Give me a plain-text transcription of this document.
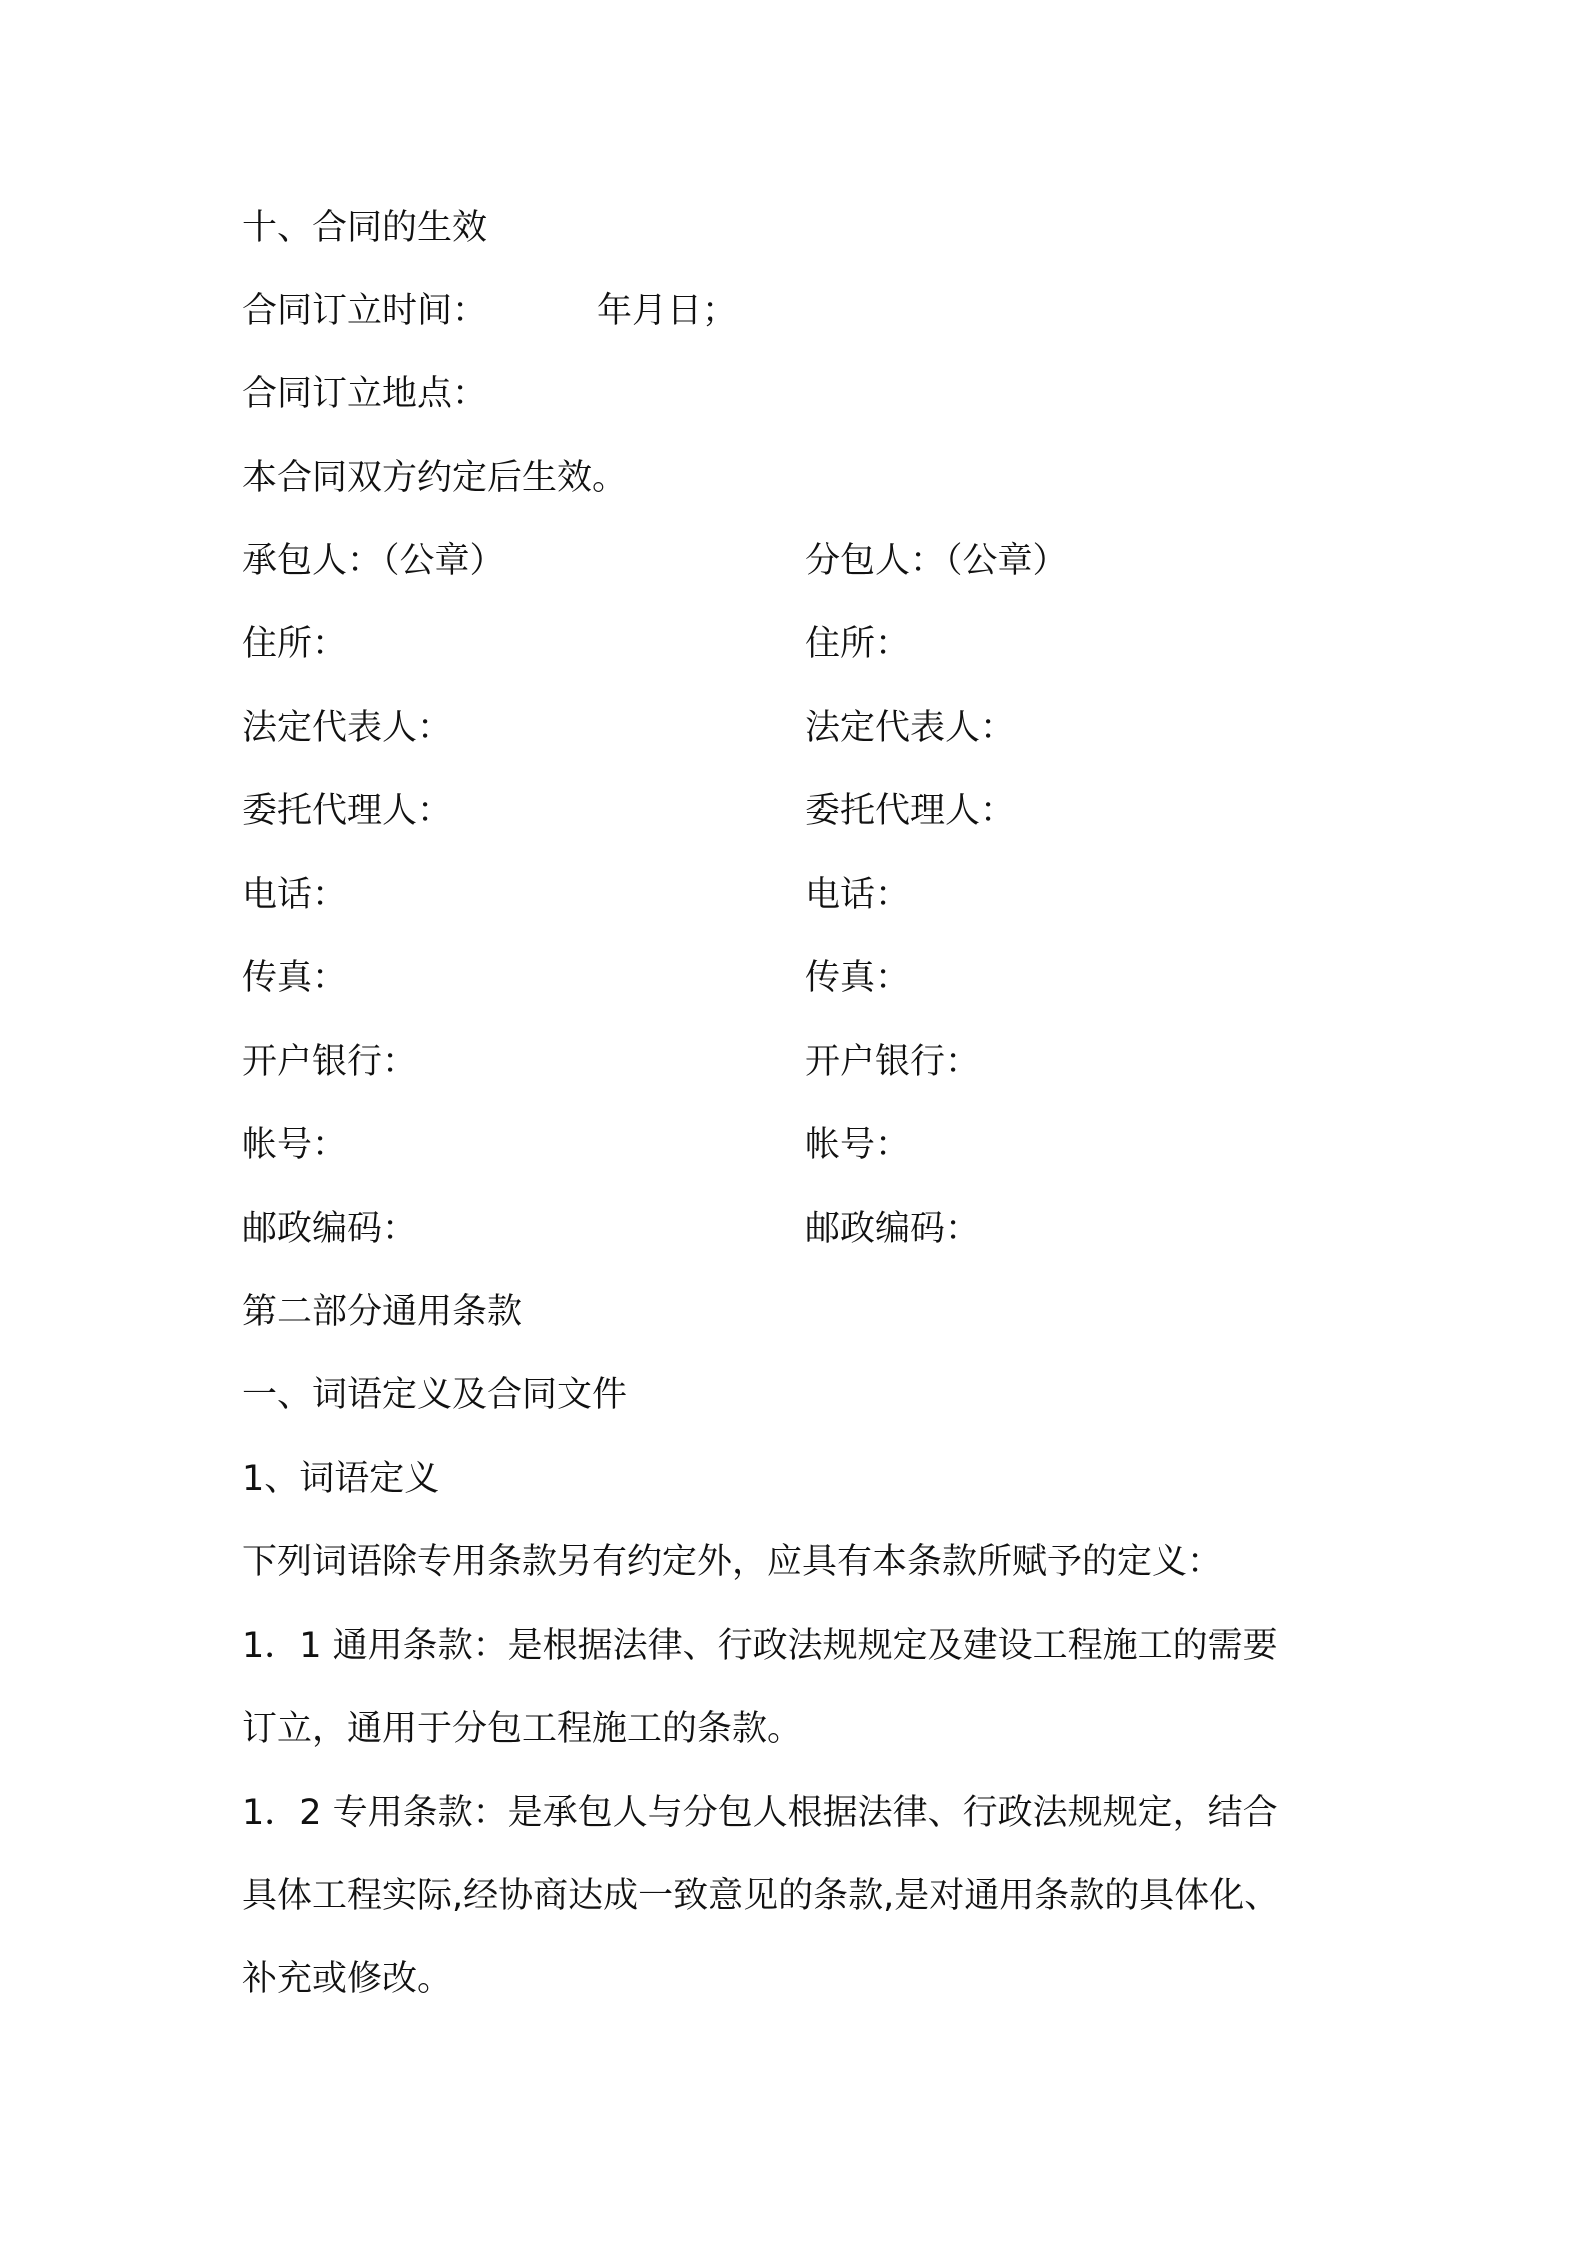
十、合同的生效
合同订立时间：	年月日；
合同订立地点：
本合同双方约定后生效。
承包人：（公章）
住所：
法定代表人：
委托代理人：
电话：
传真：
开户银行：
帐号：
邮政编码：
分包人：（公章）
住所：
法定代表人：
委托代理人：
电话：
传真：
开户银行：
帐号：
邮政编码：
第二部分通用条款
一、词语定义及合同文件
1、词语定义
下列词语除专用条款另有约定外，应具有本条款所赋予的定义：
1．1 通用条款：是根据法律、行政法规规定及建设工程施工的需要
订立，通用于分包工程施工的条款。
1．2 专用条款：是承包人与分包人根据法律、行政法规规定，结合
具体工程实际,经协商达成一致意见的条款,是对通用条款的具体化、
补充或修改。
